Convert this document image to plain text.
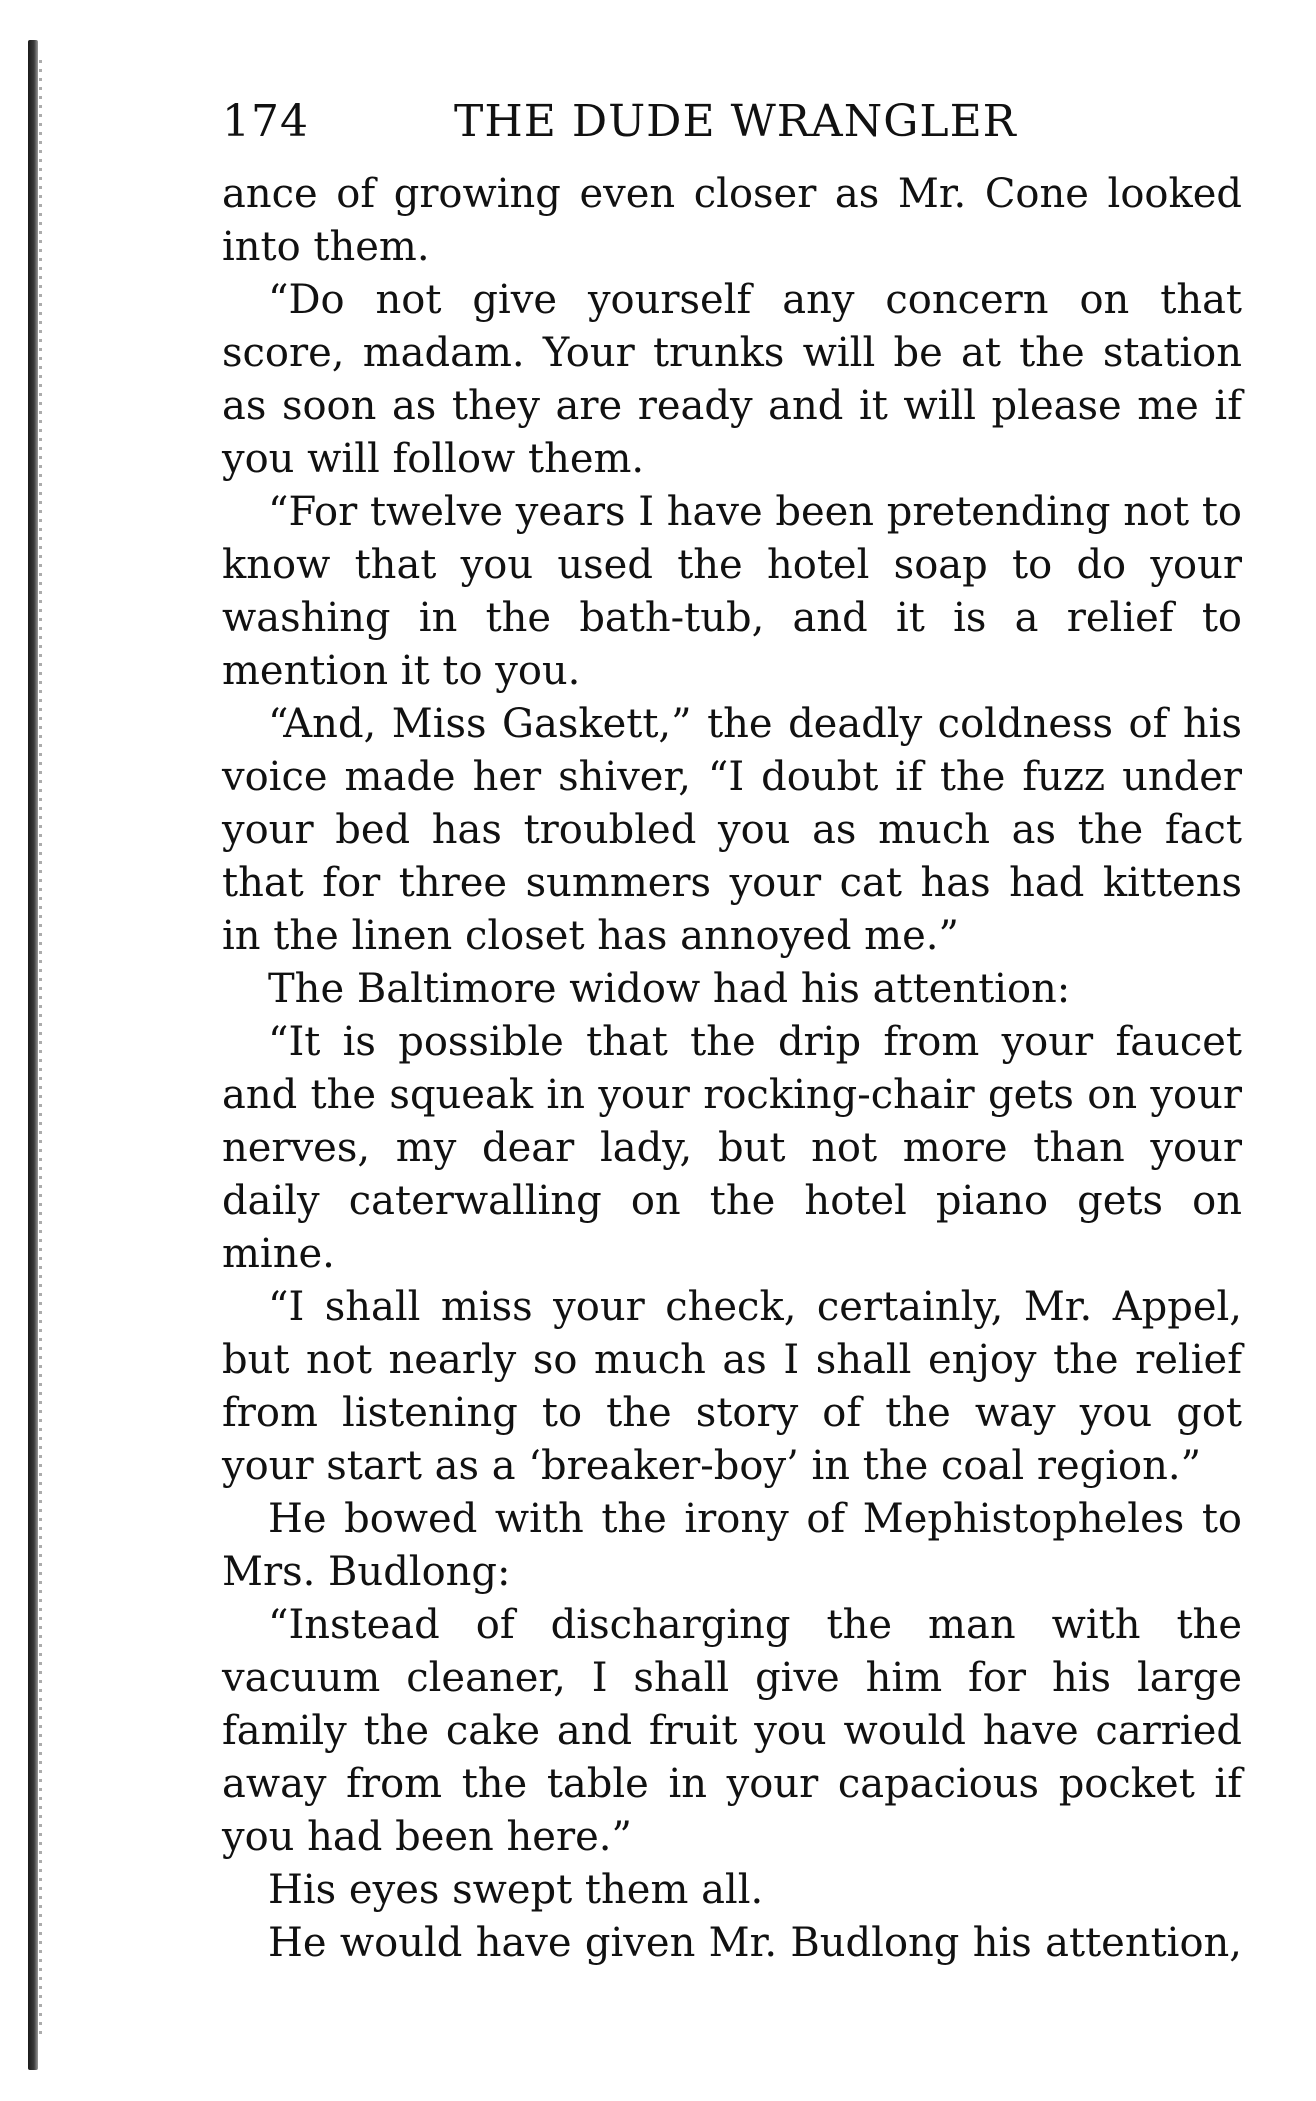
174	THE DUDE WRANGLER

ance of growing even closer as Mr. Cone looked into them.

“Do not give yourself any concern on that score, madam. Your trunks will be at the station as soon as they are ready and it will please me if you will follow them.

“For twelve years I have been pretending not to know that you used the hotel soap to do your washing in the bath-tub, and it is a relief to mention it to you.

“And, Miss Gaskett,” the deadly coldness of his voice made her shiver, “I doubt if the fuzz under your bed has troubled you as much as the fact that for three summers your cat has had kittens in the linen closet has annoyed me.”

The Baltimore widow had his attention:

“It is possible that the drip from your faucet and the squeak in your rocking-chair gets on your nerves, my dear lady, but not more than your daily caterwalling on the hotel piano gets on mine.

“I shall miss your check, certainly, Mr. Appel, but not nearly so much as I shall enjoy the relief from listening to the story of the way you got your start as a ‘breaker-boy’ in the coal region.”

He bowed with the irony of Mephistopheles to Mrs. Budlong:

“Instead of discharging the man with the vacuum cleaner, I shall give him for his large family the cake and fruit you would have carried away from the table in your capacious pocket if you had been here.”

His eyes swept them all.

He would have given Mr. Budlong his attention,
